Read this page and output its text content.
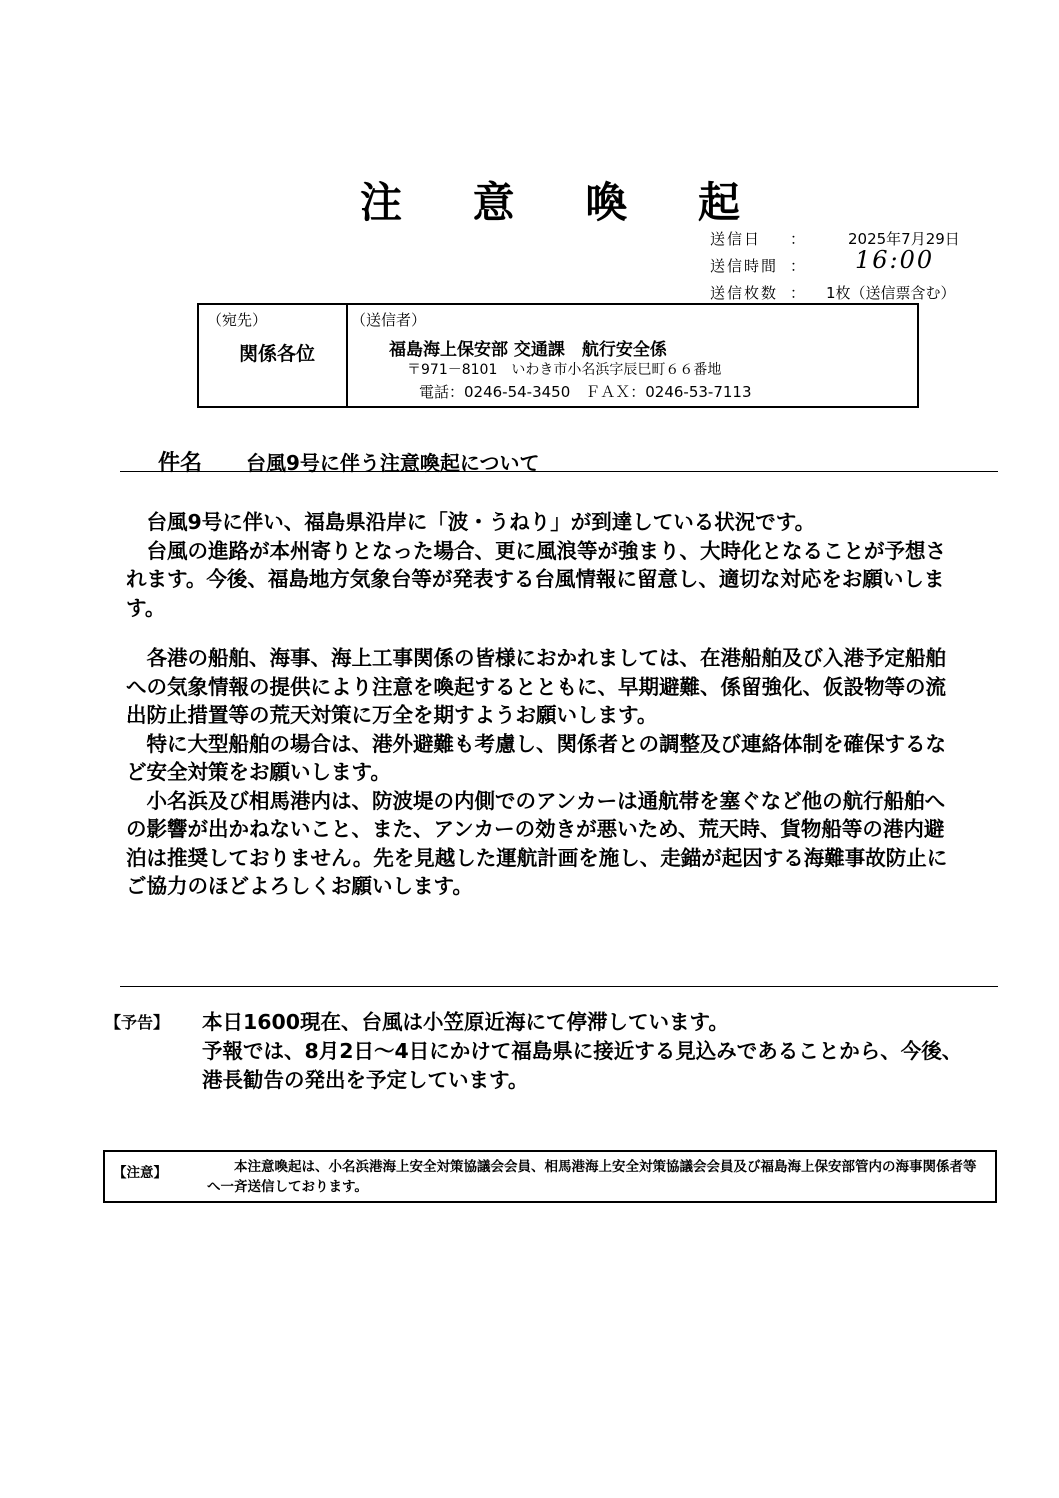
注 意 喚 起
送信日 ：	2025年7月29日
送信時間 ：	16:00
送信枚数 ： 1枚（送信票含む）
（宛先）
関係各位
（送信者）
福島海上保安部 交通課　航行安全係
〒971－8101　いわき市小名浜字辰巳町６６番地
電話：0246-54-3450　ＦＡＸ：0246-53-7113
件名 台風9号に伴う注意喚起について

台風9号に伴い、福島県沿岸に「波・うねり」が到達している状況です。

台風の進路が本州寄りとなった場合、更に風浪等が強まり、大時化となることが予想されます。今後、福島地方気象台等が発表する台風情報に留意し、適切な対応をお願いします。

各港の船舶、海事、海上工事関係の皆様におかれましては、在港船舶及び入港予定船舶への気象情報の提供により注意を喚起するとともに、早期避難、係留強化、仮設物等の流出防止措置等の荒天対策に万全を期すようお願いします。

特に大型船舶の場合は、港外避難も考慮し、関係者との調整及び連絡体制を確保するなど安全対策をお願いします。

小名浜及び相馬港内は、防波堤の内側でのアンカーは通航帯を塞ぐなど他の航行船舶への影響が出かねないこと、また、アンカーの効きが悪いため、荒天時、貨物船等の港内避泊は推奨しておりません。先を見越した運航計画を施し、走錨が起因する海難事故防止にご協力のほどよろしくお願いします。

【予告】 本日1600現在、台風は小笠原近海にて停滞しています。
予報では、8月2日～4日にかけて福島県に接近する見込みであることから、今後、港長勧告の発出を予定しています。
【注意】	本注意喚起は、小名浜港海上安全対策協議会会員、相馬港海上安全対策協議会会員及び福島海上保安部管内の海事関係者等へ一斉送信しております。
